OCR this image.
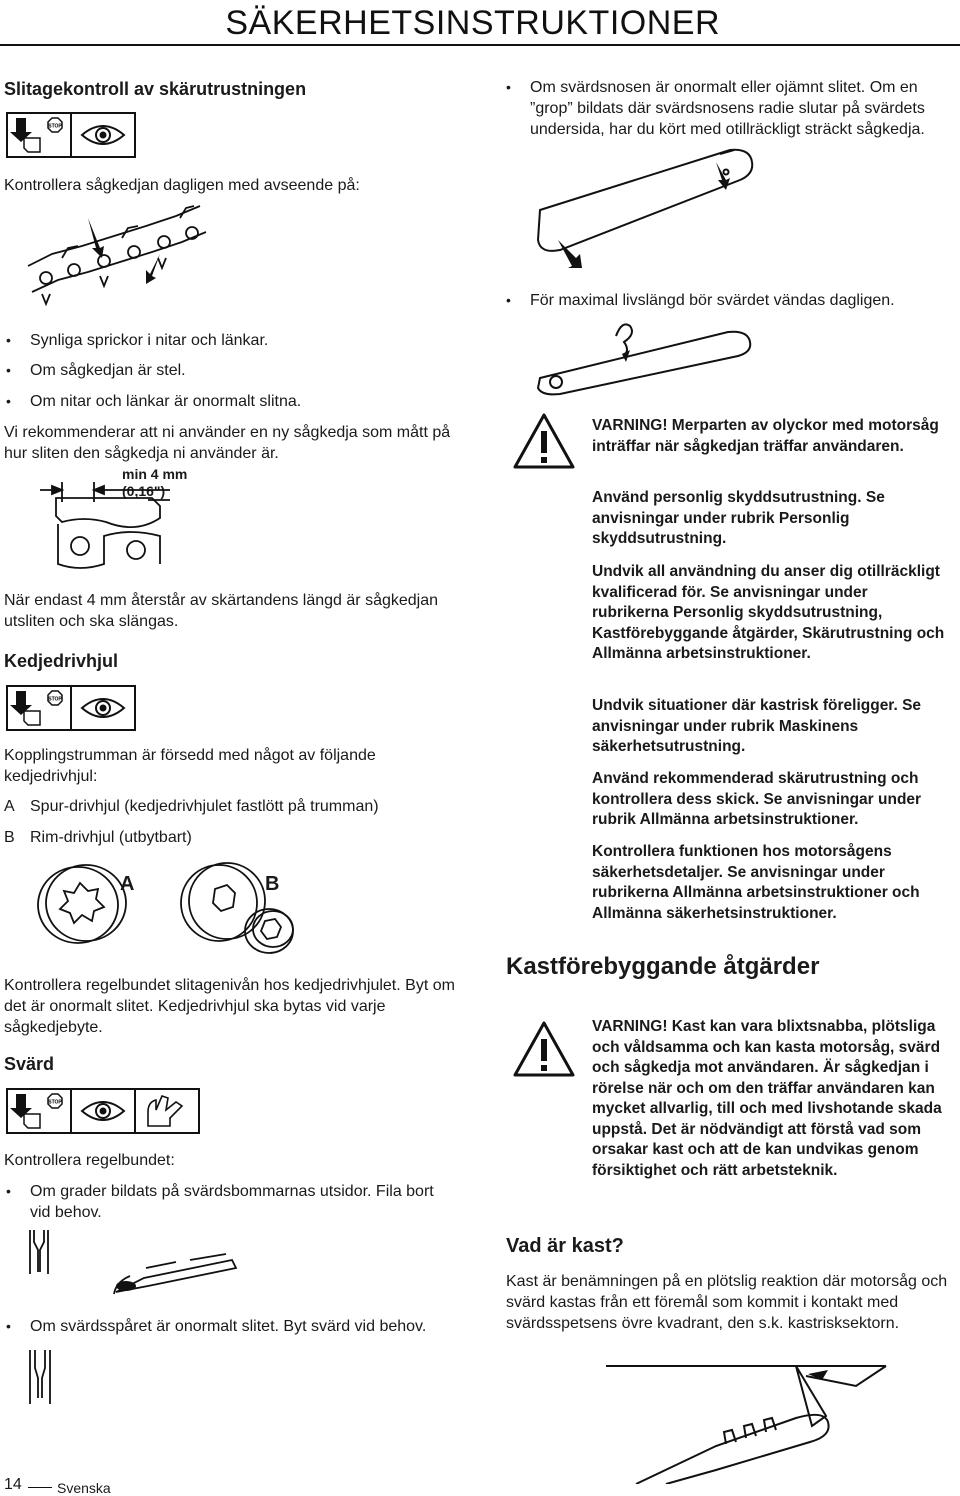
SÄKERHETSINSTRUKTIONER
Slitagekontroll av skärutrustningen
STOP
Kontrollera sågkedjan dagligen med avseende på:
• Synliga sprickor i nitar och länkar.
• Om sågkedjan är stel.
• Om nitar och länkar är onormalt slitna.
Vi rekommenderar att ni använder en ny sågkedja som mått på hur sliten den sågkedja ni använder är.
min 4 mm
(0,16")
När endast 4 mm återstår av skärtandens längd är sågkedjan utsliten och ska slängas.
Kedjedrivhjul
STOP
Kopplingstrumman är försedd med något av följande kedjedrivhjul:
A Spur-drivhjul (kedjedrivhjulet fastlött på trumman)
B Rim-drivhjul (utbytbart)
A	B
Kontrollera regelbundet slitagenivån hos kedjedrivhjulet. Byt om det är onormalt slitet. Kedjedrivhjul ska bytas vid varje sågkedjebyte.
Svärd
STOP
Kontrollera regelbundet:
• Om grader bildats på svärdsbommarnas utsidor. Fila bort vid behov.
• Om svärdsspåret är onormalt slitet. Byt svärd vid behov.
• Om svärdsnosen är onormalt eller ojämnt slitet. Om en ”grop” bildats där svärdsnosens radie slutar på svärdets undersida, har du kört med otillräckligt sträckt sågkedja.
• För maximal livslängd bör svärdet vändas dagligen.
VARNING! Merparten av olyckor med motorsåg inträffar när sågkedjan träffar användaren.
Använd personlig skyddsutrustning. Se anvisningar under rubrik Personlig skyddsutrustning.
Undvik all användning du anser dig otillräckligt kvalificerad för. Se anvisningar under rubrikerna Personlig skyddsutrustning, Kastförebyggande åtgärder, Skärutrustning och Allmänna arbetsinstruktioner.
Undvik situationer där kastrisk föreligger. Se anvisningar under rubrik Maskinens säkerhetsutrustning.
Använd rekommenderad skärutrustning och kontrollera dess skick. Se anvisningar under rubrik Allmänna arbetsinstruktioner.
Kontrollera funktionen hos motorsågens säkerhetsdetaljer. Se anvisningar under rubrikerna Allmänna arbetsinstruktioner och Allmänna säkerhetsinstruktioner.
Kastförebyggande åtgärder
VARNING! Kast kan vara blixtsnabba, plötsliga och våldsamma och kan kasta motorsåg, svärd och sågkedja mot användaren. Är sågkedjan i rörelse när och om den träffar användaren kan mycket allvarlig, till och med livshotande skada uppstå. Det är nödvändigt att förstå vad som orsakar kast och att de kan undvikas genom försiktighet och rätt arbetsteknik.
Vad är kast?
Kast är benämningen på en plötslig reaktion där motorsåg och svärd kastas från ett föremål som kommit i kontakt med svärdsspetsens övre kvadrant, den s.k. kastrisksektorn.
14	Svenska
